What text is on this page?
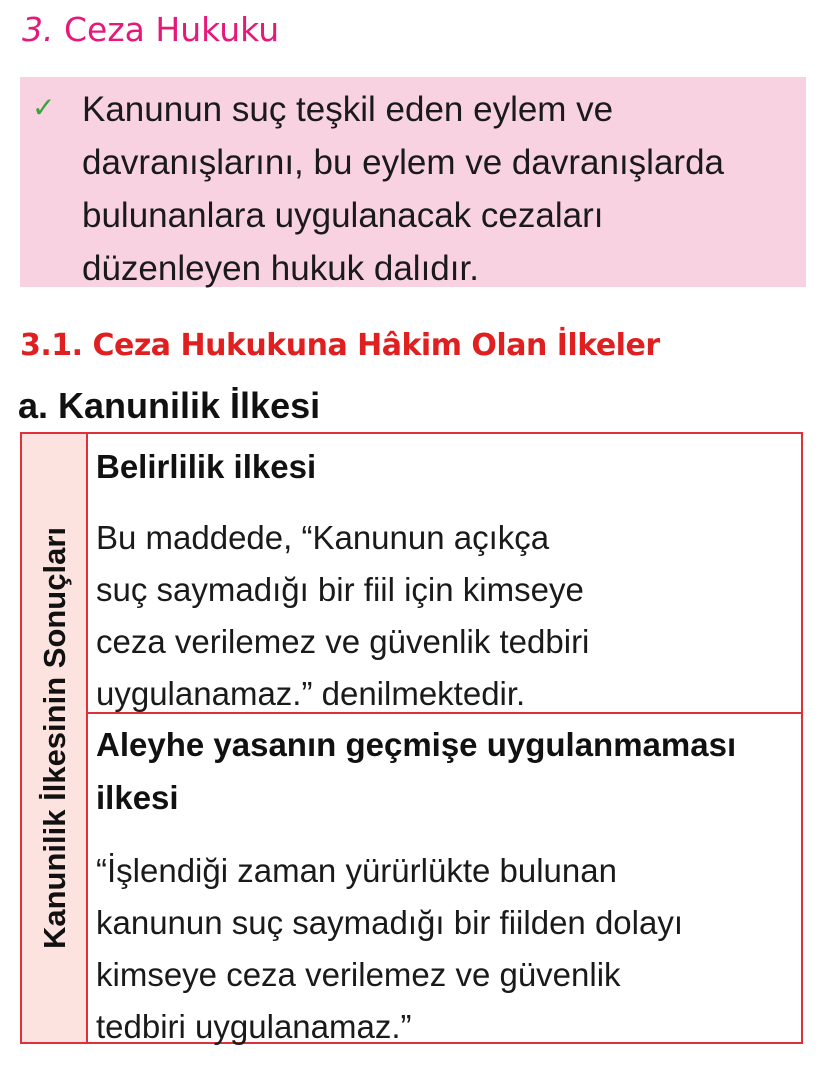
3. Ceza Hukuku
✓ Kanunun suç teşkil eden eylem ve
davranışlarını, bu eylem ve davranışlarda
bulunanlara uygulanacak cezaları
düzenleyen hukuk dalıdır.
3.1. Ceza Hukukuna Hâkim Olan İlkeler
a. Kanunilik İlkesi
Kanunilik İlkesinin Sonuçları
Belirlilik ilkesi
Bu maddede, “Kanunun açıkça
suç saymadığı bir fiil için kimseye
ceza verilemez ve güvenlik tedbiri
uygulanamaz.” denilmektedir.
Aleyhe yasanın geçmişe uygulanmaması
ilkesi
“İşlendiği zaman yürürlükte bulunan
kanunun suç saymadığı bir fiilden dolayı
kimseye ceza verilemez ve güvenlik
tedbiri uygulanamaz.”
